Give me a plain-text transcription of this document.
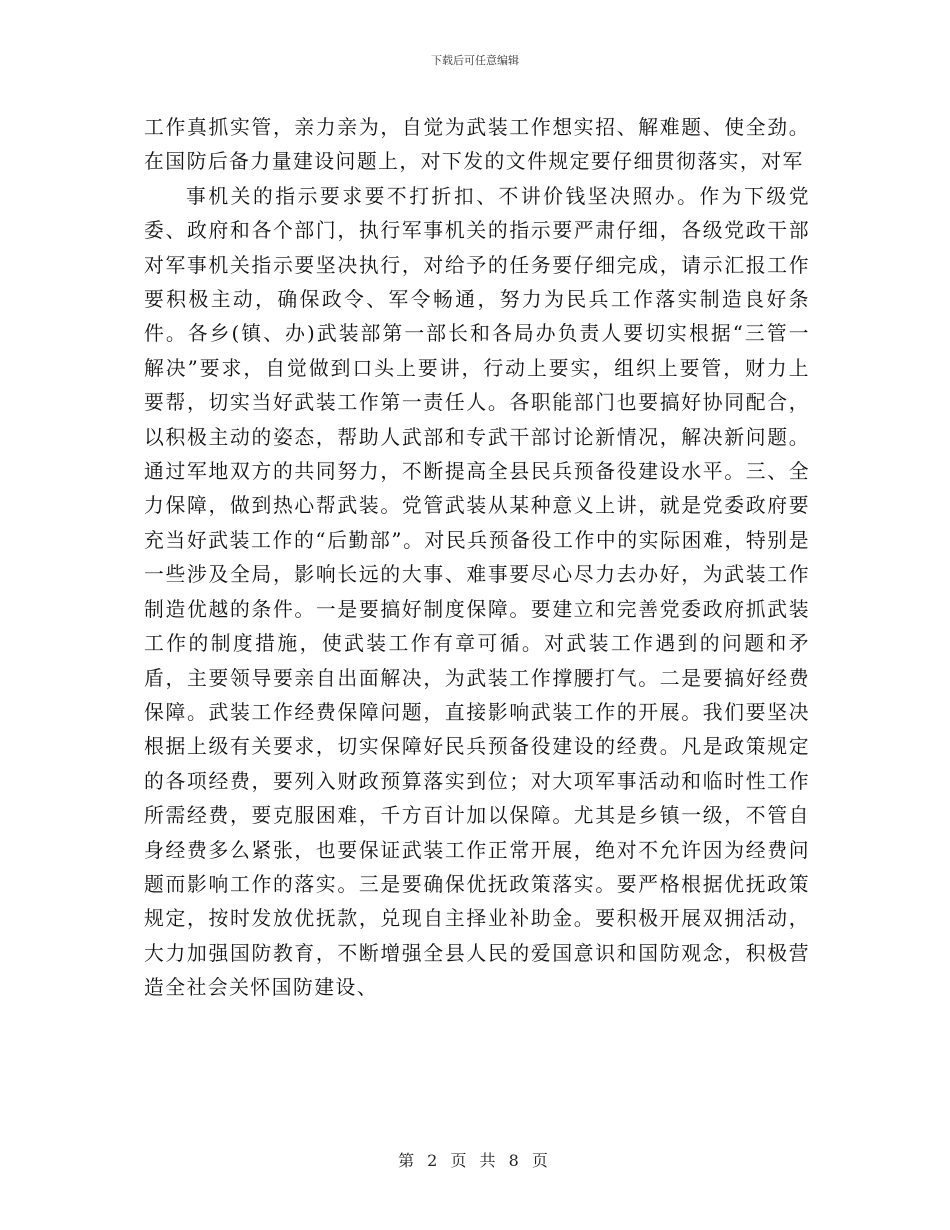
下载后可任意编辑

工作真抓实管，亲力亲为，自觉为武装工作想实招、解难题、使全劲。在国防后备力量建设问题上，对下发的文件规定要仔细贯彻落实，对军

事机关的指示要求要不打折扣、不讲价钱坚决照办。作为下级党委、政府和各个部门，执行军事机关的指示要严肃仔细，各级党政干部对军事机关指示要坚决执行，对给予的任务要仔细完成，请示汇报工作要积极主动，确保政令、军令畅通，努力为民兵工作落实制造良好条件。各乡(镇、办)武装部第一部长和各局办负责人要切实根据“三管一解决”要求，自觉做到口头上要讲，行动上要实，组织上要管，财力上要帮，切实当好武装工作第一责任人。各职能部门也要搞好协同配合，以积极主动的姿态，帮助人武部和专武干部讨论新情况，解决新问题。通过军地双方的共同努力，不断提高全县民兵预备役建设水平。三、全力保障，做到热心帮武装。党管武装从某种意义上讲，就是党委政府要充当好武装工作的“后勤部”。对民兵预备役工作中的实际困难，特别是一些涉及全局，影响长远的大事、难事要尽心尽力去办好，为武装工作制造优越的条件。一是要搞好制度保障。要建立和完善党委政府抓武装工作的制度措施，使武装工作有章可循。对武装工作遇到的问题和矛盾，主要领导要亲自出面解决，为武装工作撑腰打气。二是要搞好经费保障。武装工作经费保障问题，直接影响武装工作的开展。我们要坚决根据上级有关要求，切实保障好民兵预备役建设的经费。凡是政策规定的各项经费，要列入财政预算落实到位；对大项军事活动和临时性工作所需经费，要克服困难，千方百计加以保障。尤其是乡镇一级，不管自身经费多么紧张，也要保证武装工作正常开展，绝对不允许因为经费问题而影响工作的落实。三是要确保优抚政策落实。要严格根据优抚政策规定，按时发放优抚款，兑现自主择业补助金。要积极开展双拥活动，大力加强国防教育，不断增强全县人民的爱国意识和国防观念，积极营造全社会关怀国防建设、

第 2 页 共 8 页
